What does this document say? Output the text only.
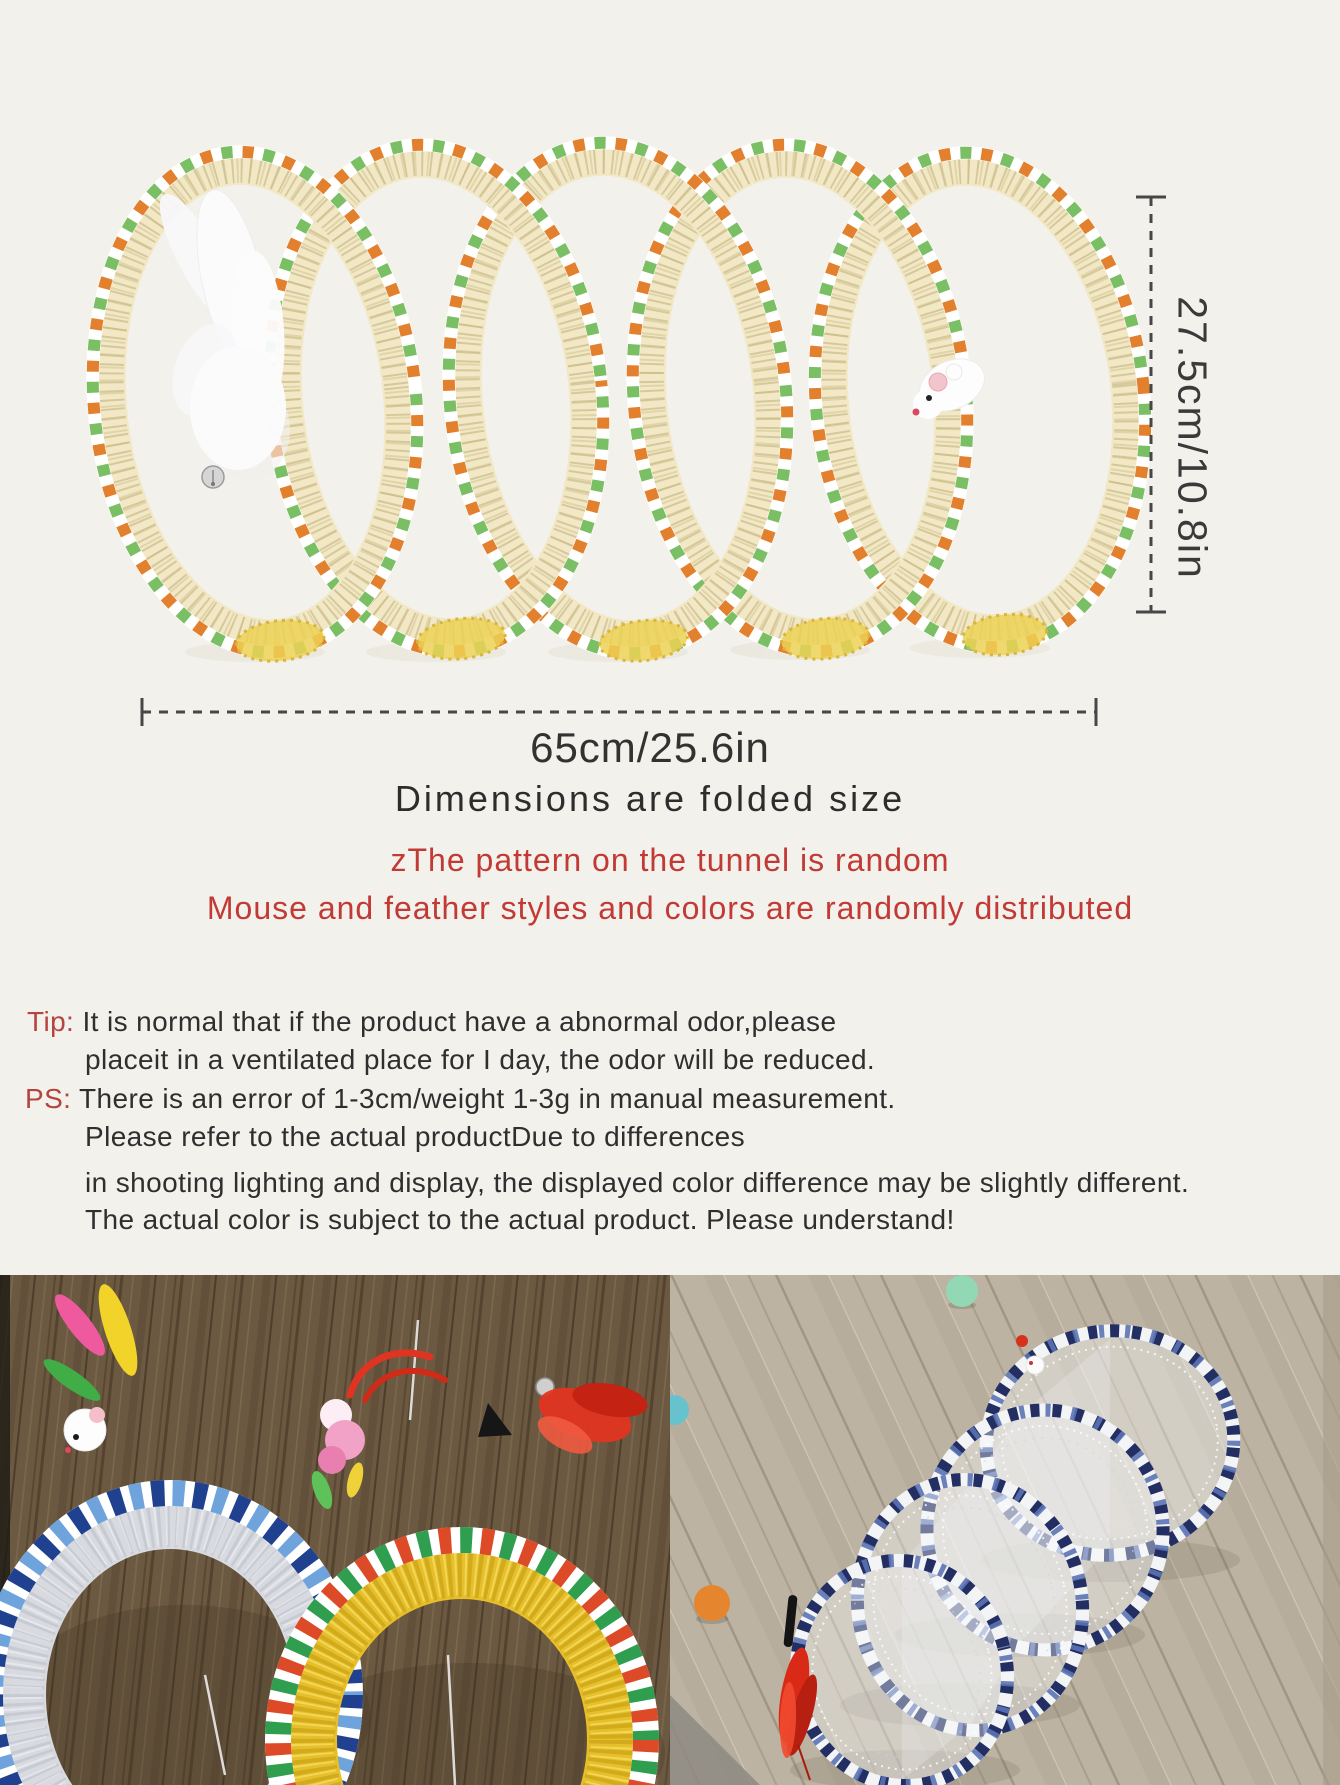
27.5cm/10.8in
65cm/25.6in
Dimensions are folded size
zThe pattern on the tunnel is random
Mouse and feather styles and colors are randomly distributed
Tip: It is normal that if the product have a abnormal odor,please
placeit in a ventilated place for I day, the odor will be reduced.
PS: There is an error of 1-3cm/weight 1-3g in manual measurement.
Please refer to the actual productDue to differences
in shooting lighting and display, the displayed color difference may be slightly different.
The actual color is subject to the actual product. Please understand!
